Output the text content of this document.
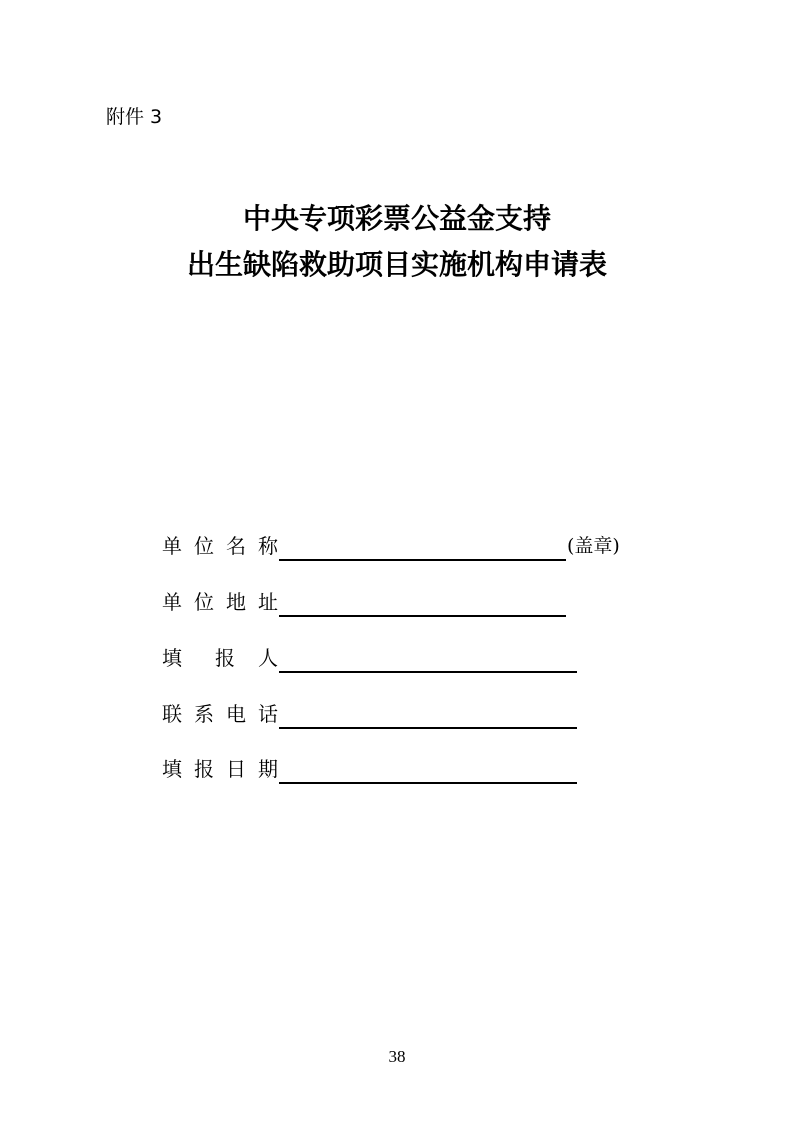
附件 3
中央专项彩票公益金支持
出生缺陷救助项目实施机构申请表
单 位 名 称	(盖章)
单 位 地 址
填 报 人
联 系 电 话
填 报 日 期
38
